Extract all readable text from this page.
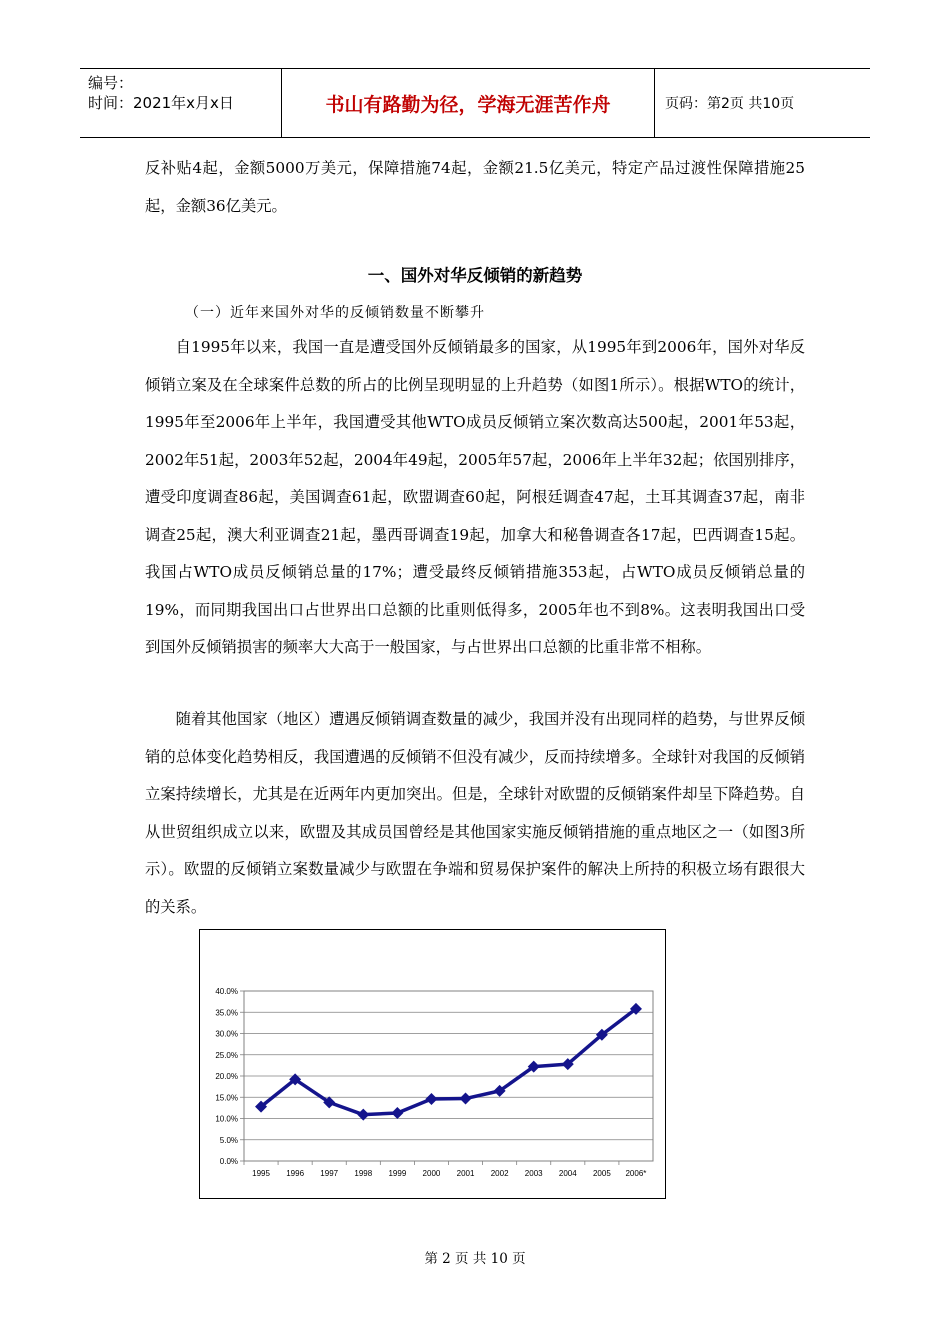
编号：
时间：2021年x月x日	书山有路勤为径，学海无涯苦作舟	页码：第2页 共10页
反补贴4起，金额5000万美元，保障措施74起，金额21.5亿美元，特定产品过渡性保障措施25起，金额36亿美元。
一、国外对华反倾销的新趋势
（一）近年来国外对华的反倾销数量不断攀升
自1995年以来，我国一直是遭受国外反倾销最多的国家，从1995年到2006年，国外对华反倾销立案及在全球案件总数的所占的比例呈现明显的上升趋势（如图1所示）。根据WTO的统计，1995年至2006年上半年，我国遭受其他WTO成员反倾销立案次数高达500起，2001年53起，2002年51起，2003年52起，2004年49起，2005年57起，2006年上半年32起；依国别排序，遭受印度调查86起，美国调查61起，欧盟调查60起，阿根廷调查47起，土耳其调查37起，南非调查25起，澳大利亚调查21起，墨西哥调查19起，加拿大和秘鲁调查各17起，巴西调查15起。我国占WTO成员反倾销总量的17%；遭受最终反倾销措施353起，占WTO成员反倾销总量的19%，而同期我国出口占世界出口总额的比重则低得多，2005年也不到8%。这表明我国出口受到国外反倾销损害的频率大大高于一般国家，与占世界出口总额的比重非常不相称。
随着其他国家（地区）遭遇反倾销调查数量的减少，我国并没有出现同样的趋势，与世界反倾销的总体变化趋势相反，我国遭遇的反倾销不但没有减少，反而持续增多。全球针对我国的反倾销立案持续增长，尤其是在近两年内更加突出。但是，全球针对欧盟的反倾销案件却呈下降趋势。自从世贸组织成立以来，欧盟及其成员国曾经是其他国家实施反倾销措施的重点地区之一（如图3所示）。欧盟的反倾销立案数量减少与欧盟在争端和贸易保护案件的解决上所持的积极立场有跟很大的关系。
0.0%
5.0%
10.0%
15.0%
20.0%
25.0%
30.0%
35.0%
40.0%
1995 1996 1997 1998 1999 2000 2001 2002 2003 2004 2005 2006*
第 2 页 共 10 页
